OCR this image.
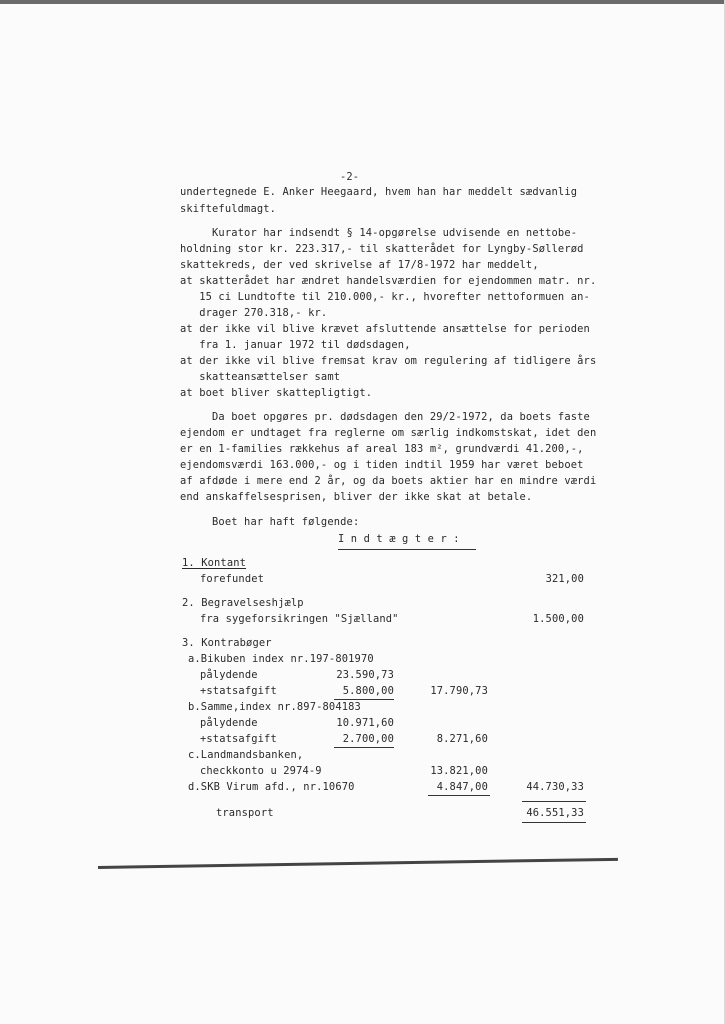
-2-
undertegnede E. Anker Heegaard, hvem han har meddelt sædvanlig
skiftefuldmagt.
Kurator har indsendt § 14-opgørelse udvisende en nettobe-
holdning stor kr. 223.317,- til skatterådet for Lyngby-Søllerød
skattekreds, der ved skrivelse af 17/8-1972 har meddelt,
at skatterådet har ændret handelsværdien for ejendommen matr. nr.
15 ci Lundtofte til 210.000,- kr., hvorefter nettoformuen an-
drager 270.318,- kr.
at der ikke vil blive krævet afsluttende ansættelse for perioden
fra 1. januar 1972 til dødsdagen,
at der ikke vil blive fremsat krav om regulering af tidligere års
skatteansættelser samt
at boet bliver skattepligtigt.
Da boet opgøres pr. dødsdagen den 29/2-1972, da boets faste
ejendom er undtaget fra reglerne om særlig indkomstskat, idet den
er en 1-families rækkehus af areal 183 m², grundværdi 41.200,-,
ejendomsværdi 163.000,- og i tiden indtil 1959 har været beboet
af afdøde i mere end 2 år, og da boets aktier har en mindre værdi
end anskaffelsesprisen, bliver der ikke skat at betale.
Boet har haft følgende:
I n d t æ g t e r :
1. Kontant
forefundet	321,00
2. Begravelseshjælp
fra sygeforsikringen "Sjælland"	1.500,00
3. Kontrabøger
a.Bikuben index nr.197-801970
pålydende	23.590,73
+statsafgift	5.800,00	17.790,73
b.Samme,index nr.897-804183
pålydende	10.971,60
+statsafgift	2.700,00	8.271,60
c.Landmandsbanken,
checkkonto u 2974-9	13.821,00
d.SKB Virum afd., nr.10670	4.847,00	44.730,33
transport	46.551,33
